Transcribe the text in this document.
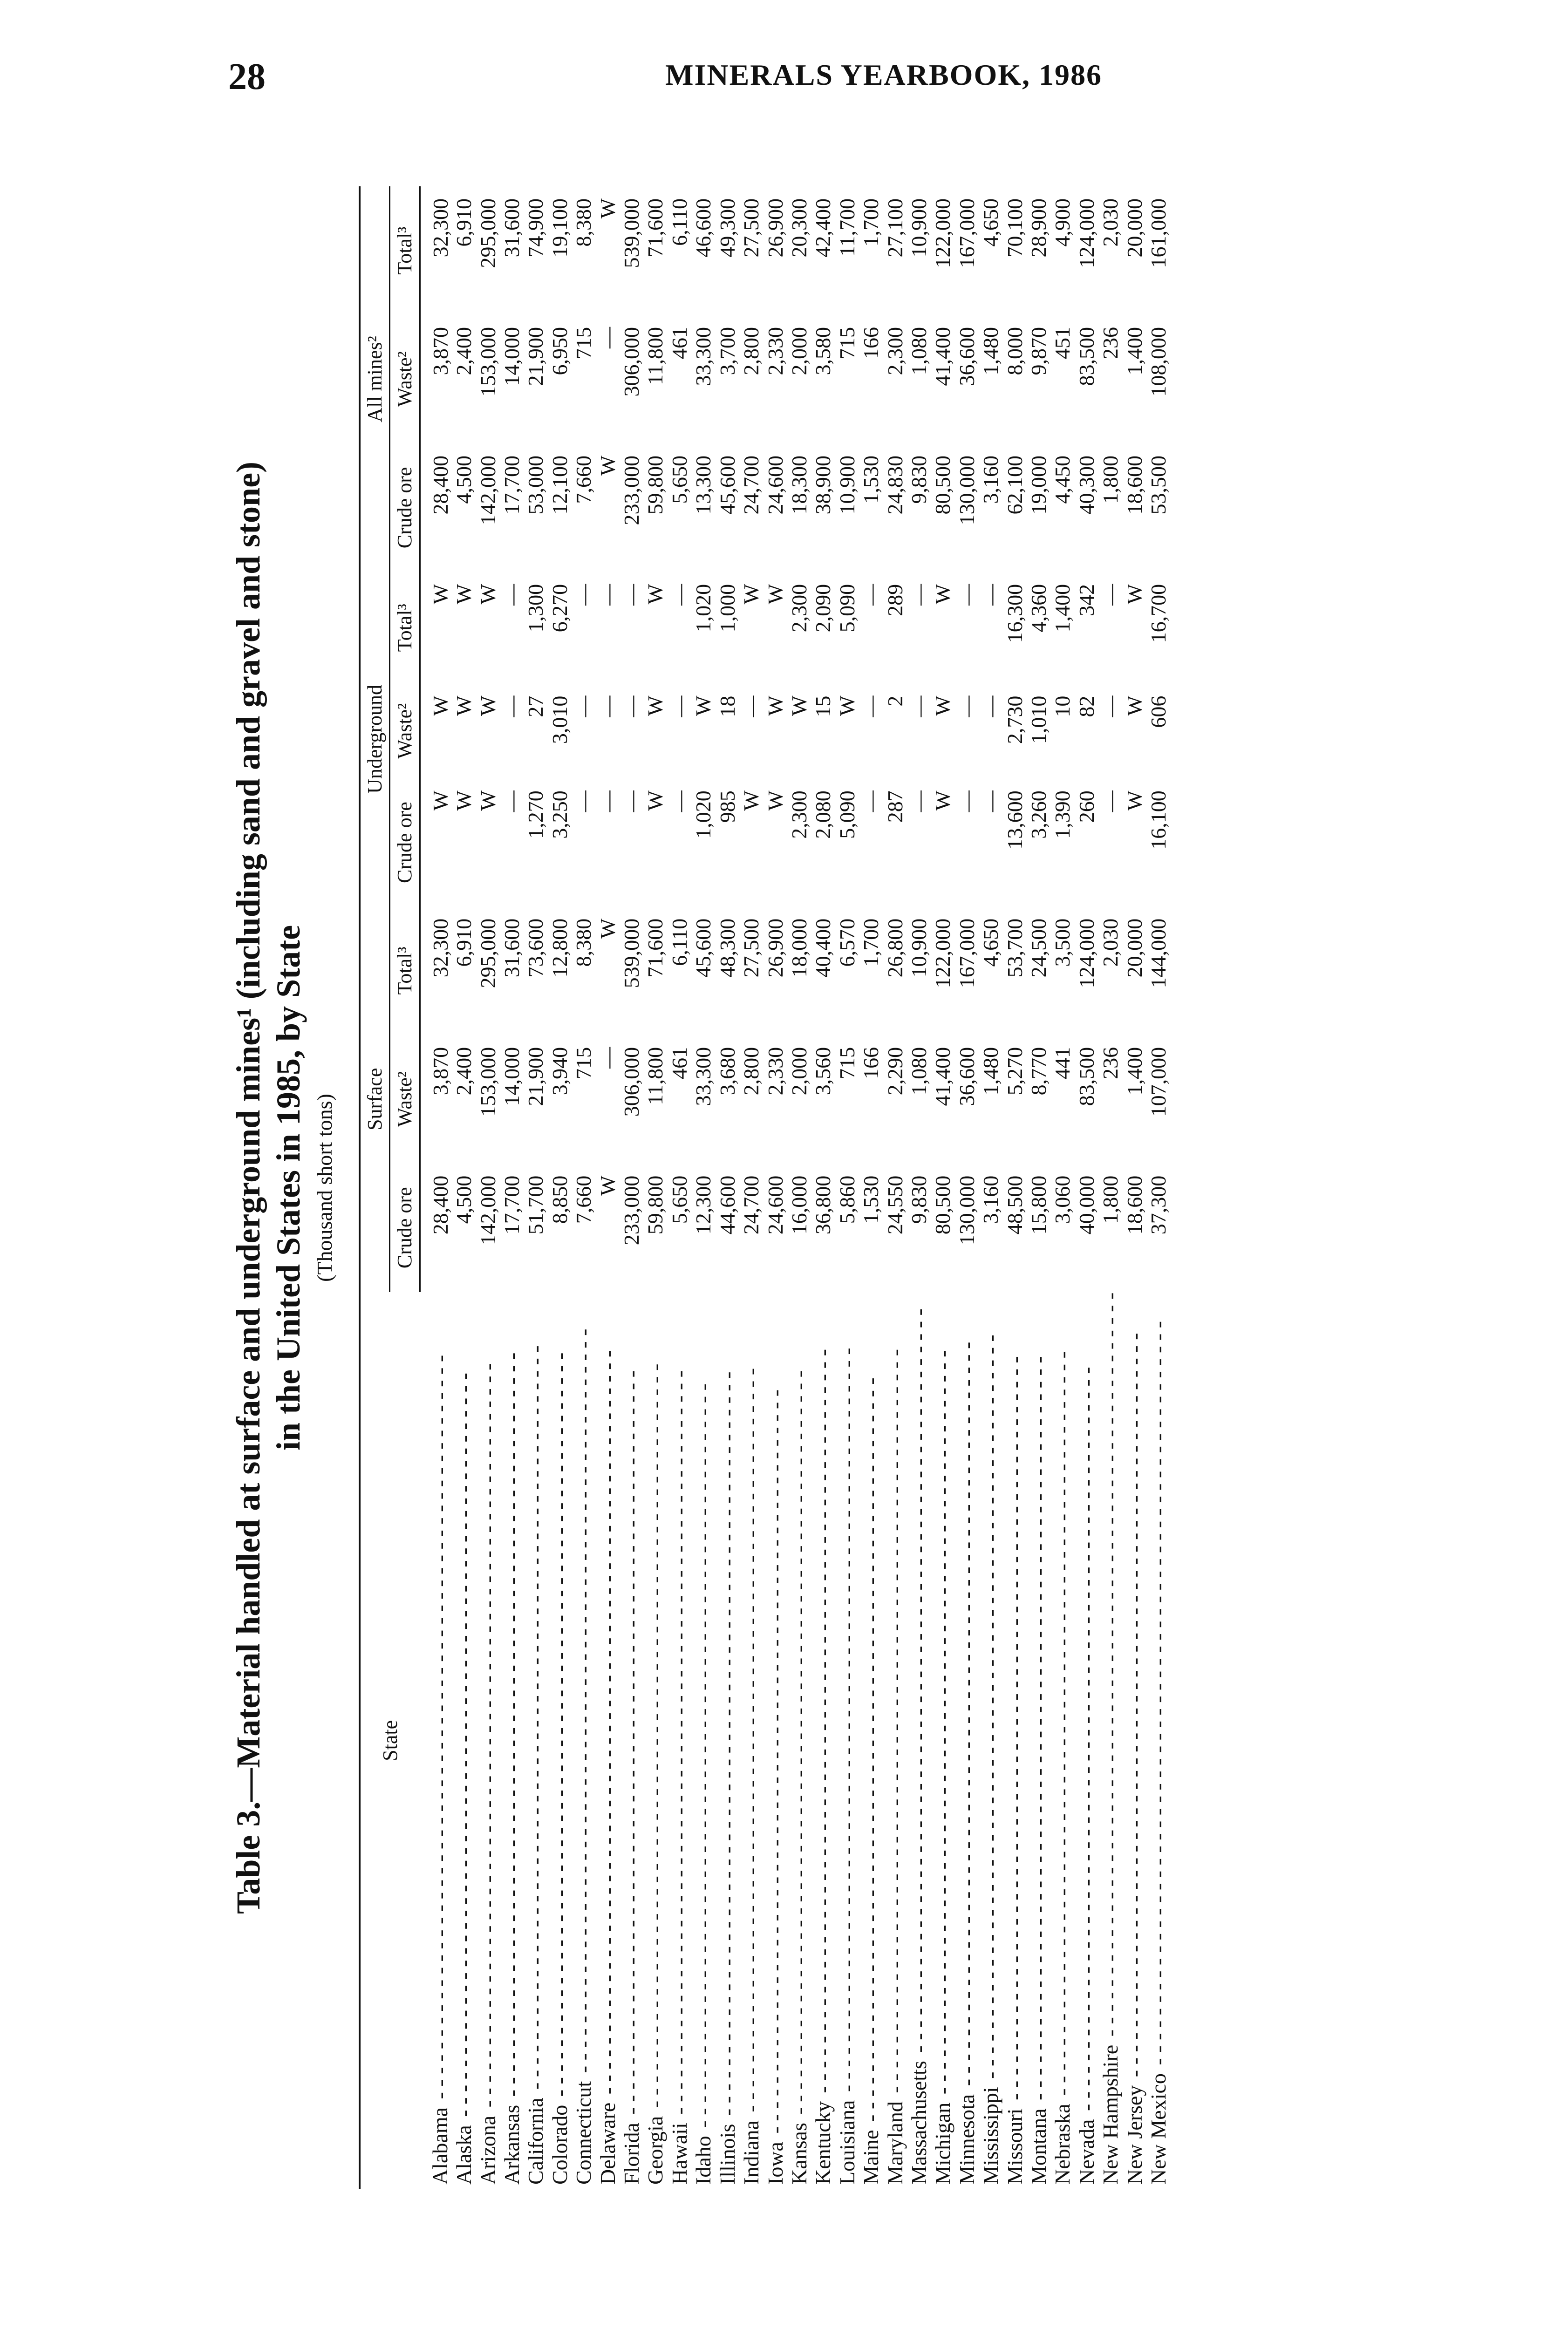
28	MINERALS YEARBOOK, 1986
Table 3.—Material handled at surface and underground mines¹ (including sand and gravel and stone) in the United States in 1985, by State (Thousand short tons)
State	Surface			Underground			All mines²		
	Crude ore	Waste²	Total³	Crude ore	Waste²	Total³	Crude ore	Waste²	Total³
Alabama - - - - - - - - - - - - - - - - - - - - - - - - - - - - - - - - - - - - - - - - - - - - - - - - - - - - - - - - - - - -	28,400	3,870	32,300	W	W	W	28,400	3,870	32,300
Alaska - - - - - - - - - - - - - - - - - - - - - - - - - - - - - - - - - - - - - - - - - - - - - - - - - - - - - - - - - - - -	4,500	2,400	6,910	W	W	W	4,500	2,400	6,910
Arizona - - - - - - - - - - - - - - - - - - - - - - - - - - - - - - - - - - - - - - - - - - - - - - - - - - - - - - - - - - - -	142,000	153,000	295,000	W	W	W	142,000	153,000	295,000
Arkansas - - - - - - - - - - - - - - - - - - - - - - - - - - - - - - - - - - - - - - - - - - - - - - - - - - - - - - - - - - - -	17,700	14,000	31,600	—	—	—	17,700	14,000	31,600
California - - - - - - - - - - - - - - - - - - - - - - - - - - - - - - - - - - - - - - - - - - - - - - - - - - - - - - - - - - - -	51,700	21,900	73,600	1,270	27	1,300	53,000	21,900	74,900
Colorado - - - - - - - - - - - - - - - - - - - - - - - - - - - - - - - - - - - - - - - - - - - - - - - - - - - - - - - - - - - -	8,850	3,940	12,800	3,250	3,010	6,270	12,100	6,950	19,100
Connecticut - - - - - - - - - - - - - - - - - - - - - - - - - - - - - - - - - - - - - - - - - - - - - - - - - - - - - - - - - - - -	7,660	715	8,380	—	—	—	7,660	715	8,380
Delaware - - - - - - - - - - - - - - - - - - - - - - - - - - - - - - - - - - - - - - - - - - - - - - - - - - - - - - - - - - - -	W	—	W	—	—	—	W	—	W
Florida - - - - - - - - - - - - - - - - - - - - - - - - - - - - - - - - - - - - - - - - - - - - - - - - - - - - - - - - - - - -	233,000	306,000	539,000	—	—	—	233,000	306,000	539,000
Georgia - - - - - - - - - - - - - - - - - - - - - - - - - - - - - - - - - - - - - - - - - - - - - - - - - - - - - - - - - - - -	59,800	11,800	71,600	W	W	W	59,800	11,800	71,600
Hawaii - - - - - - - - - - - - - - - - - - - - - - - - - - - - - - - - - - - - - - - - - - - - - - - - - - - - - - - - - - - -	5,650	461	6,110	—	—	—	5,650	461	6,110
Idaho - - - - - - - - - - - - - - - - - - - - - - - - - - - - - - - - - - - - - - - - - - - - - - - - - - - - - - - - - - - -	12,300	33,300	45,600	1,020	W	1,020	13,300	33,300	46,600
Illinois - - - - - - - - - - - - - - - - - - - - - - - - - - - - - - - - - - - - - - - - - - - - - - - - - - - - - - - - - - - -	44,600	3,680	48,300	985	18	1,000	45,600	3,700	49,300
Indiana - - - - - - - - - - - - - - - - - - - - - - - - - - - - - - - - - - - - - - - - - - - - - - - - - - - - - - - - - - - -	24,700	2,800	27,500	W	—	W	24,700	2,800	27,500
Iowa - - - - - - - - - - - - - - - - - - - - - - - - - - - - - - - - - - - - - - - - - - - - - - - - - - - - - - - - - - - -	24,600	2,330	26,900	W	W	W	24,600	2,330	26,900
Kansas - - - - - - - - - - - - - - - - - - - - - - - - - - - - - - - - - - - - - - - - - - - - - - - - - - - - - - - - - - - -	16,000	2,000	18,000	2,300	W	2,300	18,300	2,000	20,300
Kentucky - - - - - - - - - - - - - - - - - - - - - - - - - - - - - - - - - - - - - - - - - - - - - - - - - - - - - - - - - - - -	36,800	3,560	40,400	2,080	15	2,090	38,900	3,580	42,400
Louisiana - - - - - - - - - - - - - - - - - - - - - - - - - - - - - - - - - - - - - - - - - - - - - - - - - - - - - - - - - - - -	5,860	715	6,570	5,090	W	5,090	10,900	715	11,700
Maine - - - - - - - - - - - - - - - - - - - - - - - - - - - - - - - - - - - - - - - - - - - - - - - - - - - - - - - - - - - -	1,530	166	1,700	—	—	—	1,530	166	1,700
Maryland - - - - - - - - - - - - - - - - - - - - - - - - - - - - - - - - - - - - - - - - - - - - - - - - - - - - - - - - - - - -	24,550	2,290	26,800	287	2	289	24,830	2,300	27,100
Massachusetts - - - - - - - - - - - - - - - - - - - - - - - - - - - - - - - - - - - - - - - - - - - - - - - - - - - - - - - - - - - -	9,830	1,080	10,900	—	—	—	9,830	1,080	10,900
Michigan - - - - - - - - - - - - - - - - - - - - - - - - - - - - - - - - - - - - - - - - - - - - - - - - - - - - - - - - - - - -	80,500	41,400	122,000	W	W	W	80,500	41,400	122,000
Minnesota - - - - - - - - - - - - - - - - - - - - - - - - - - - - - - - - - - - - - - - - - - - - - - - - - - - - - - - - - - - -	130,000	36,600	167,000	—	—	—	130,000	36,600	167,000
Mississippi - - - - - - - - - - - - - - - - - - - - - - - - - - - - - - - - - - - - - - - - - - - - - - - - - - - - - - - - - - - -	3,160	1,480	4,650	—	—	—	3,160	1,480	4,650
Missouri - - - - - - - - - - - - - - - - - - - - - - - - - - - - - - - - - - - - - - - - - - - - - - - - - - - - - - - - - - - -	48,500	5,270	53,700	13,600	2,730	16,300	62,100	8,000	70,100
Montana - - - - - - - - - - - - - - - - - - - - - - - - - - - - - - - - - - - - - - - - - - - - - - - - - - - - - - - - - - - -	15,800	8,770	24,500	3,260	1,010	4,360	19,000	9,870	28,900
Nebraska - - - - - - - - - - - - - - - - - - - - - - - - - - - - - - - - - - - - - - - - - - - - - - - - - - - - - - - - - - - -	3,060	441	3,500	1,390	10	1,400	4,450	451	4,900
Nevada - - - - - - - - - - - - - - - - - - - - - - - - - - - - - - - - - - - - - - - - - - - - - - - - - - - - - - - - - - - -	40,000	83,500	124,000	260	82	342	40,300	83,500	124,000
New Hampshire - - - - - - - - - - - - - - - - - - - - - - - - - - - - - - - - - - - - - - - - - - - - - - - - - - - - - - - - - - - -	1,800	236	2,030	—	—	—	1,800	236	2,030
New Jersey - - - - - - - - - - - - - - - - - - - - - - - - - - - - - - - - - - - - - - - - - - - - - - - - - - - - - - - - - - - -	18,600	1,400	20,000	W	W	W	18,600	1,400	20,000
New Mexico - - - - - - - - - - - - - - - - - - - - - - - - - - - - - - - - - - - - - - - - - - - - - - - - - - - - - - - - - - - -	37,300	107,000	144,000	16,100	606	16,700	53,500	108,000	161,000
